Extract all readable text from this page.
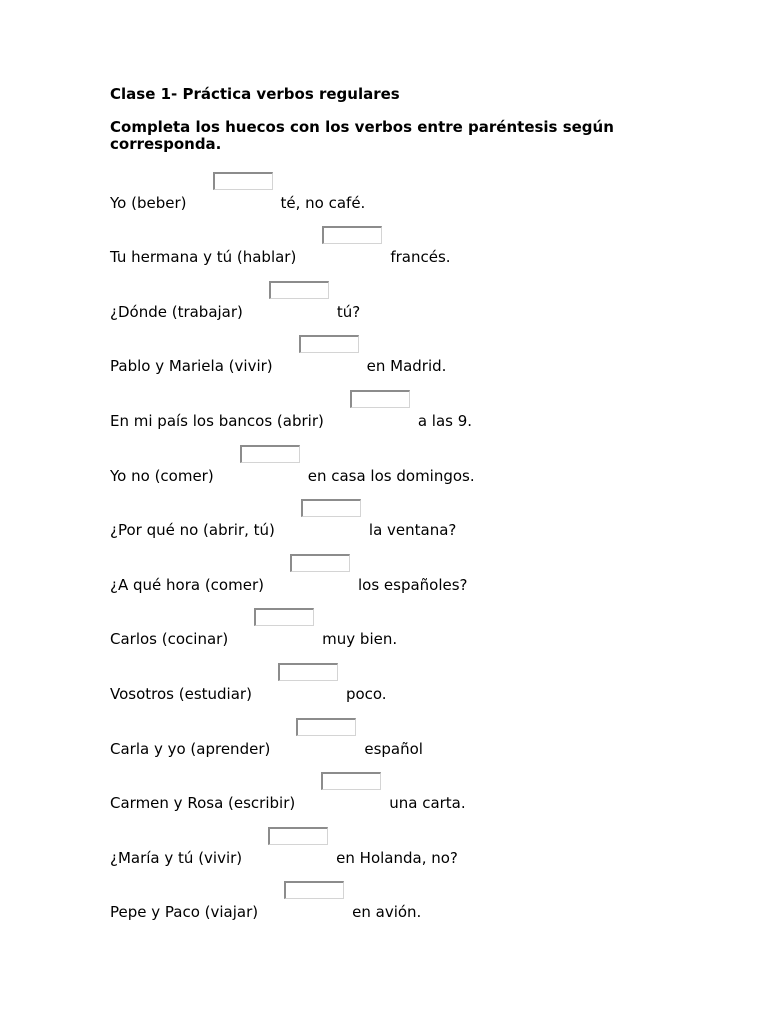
Clase 1- Práctica verbos regulares

Completa los huecos con los verbos entre paréntesis según corresponda.

Yo (beber)	té, no café.
Tu hermana y tú (hablar)	francés.
¿Dónde (trabajar)	tú?
Pablo y Mariela (vivir)	en Madrid.
En mi país los bancos (abrir)	a las 9.
Yo no (comer)	en casa los domingos.
¿Por qué no (abrir, tú)	la ventana?
¿A qué hora (comer)	los españoles?
Carlos (cocinar)	muy bien.
Vosotros (estudiar)	poco.
Carla y yo (aprender)	español
Carmen y Rosa (escribir)	una carta.
¿María y tú (vivir)	en Holanda, no?
Pepe y Paco (viajar)	en avión.
